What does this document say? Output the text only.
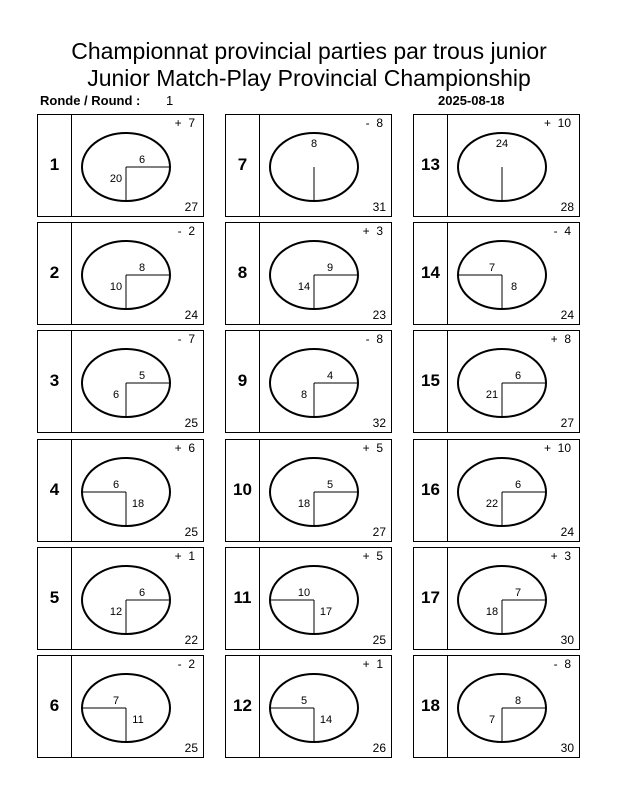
Championnat provincial parties par trous junior
Junior Match-Play Provincial Championship
Ronde / Round : 1	2025-08-18
1
+  7
27
6
20
2
-  2
24
8
10
3
-  7
25
5
6
4
+  6
25
6
18
5
+  1
22
6
12
6
-  2
25
7
11
7
-  8
31
8
8
+  3
23
9
14
9
-  8
32
4
8
10
+  5
27
5
18
11
+  5
25
10
17
12
+  1
26
5
14
13
+  10
28
24
14
-  4
24
7
8
15
+  8
27
6
21
16
+  10
24
6
22
17
+  3
30
7
18
18
-  8
30
8
7
